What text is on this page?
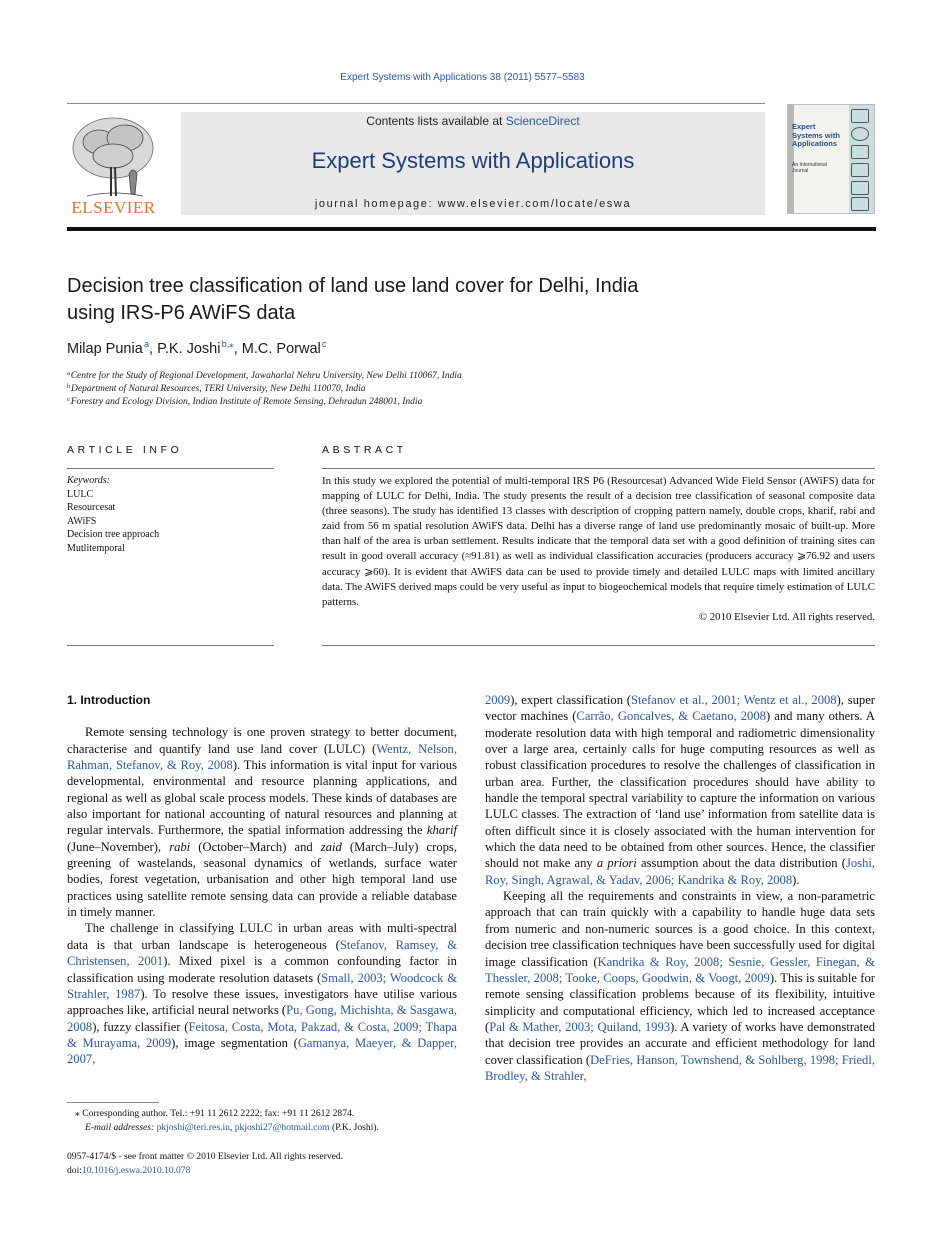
Expert Systems with Applications 38 (2011) 5577–5583
ELSEVIER
Contents lists available at ScienceDirect
Expert Systems with Applications
journal homepage: www.elsevier.com/locate/eswa
Expert Systems with Applications
An International Journal
Decision tree classification of land use land cover for Delhi, India
using IRS-P6 AWiFS data
Milap Punia $^a$, P.K. Joshi $^{b,⁎}$, M.C. Porwal $^c$
$^a$ Centre for the Study of Regional Development, Jawaharlal Nehru University, New Delhi 110067, India
$^b$ Department of Natural Resources, TERI University, New Delhi 110070, India
$^c$ Forestry and Ecology Division, Indian Institute of Remote Sensing, Dehradun 248001, India
ARTICLE INFO	ABSTRACT
Keywords:
LULC
Resourcesat
AWiFS
Decision tree approach
Mutlitemporal
In this study we explored the potential of multi-temporal IRS P6 (Resourcesat) Advanced Wide Field Sensor (AWiFS) data for mapping of LULC for Delhi, India. The study presents the result of a decision tree classification of seasonal composite data (three seasons). The study has identified 13 classes with description of cropping pattern namely, double crops, kharif, rabi and zaid from 56 m spatial resolution AWiFS data. Delhi has a diverse range of land use predominantly mosaic of built-up. More than half of the area is urban settlement. Results indicate that the temporal data set with a good definition of training sites can result in good overall accuracy (≈91.81) as well as individual classification accuracies (producers accuracy ⩾76.92 and users accuracy ⩾60). It is evident that AWiFS data can be used to provide timely and detailed LULC maps with limited ancillary data. The AWiFS derived maps could be very useful as input to biogeochemical models that require timely estimation of LULC patterns.
© 2010 Elsevier Ltd. All rights reserved.

1. Introduction

Remote sensing technology is one proven strategy to better document, characterise and quantify land use land cover (LULC) (Wentz, Nelson, Rahman, Stefanov, & Roy, 2008). This information is vital input for various developmental, environmental and resource planning applications, and regional as well as global scale process models. These kinds of databases are also important for national accounting of natural resources and planning at regular intervals. Furthermore, the spatial information addressing the kharif (June–November), rabi (October–March) and zaid (March–July) crops, greening of wastelands, seasonal dynamics of wetlands, surface water bodies, forest vegetation, urbanisation and other high temporal land use practices using satellite remote sensing data can provide a reliable database in timely manner.

The challenge in classifying LULC in urban areas with multi-spectral data is that urban landscape is heterogeneous (Stefanov, Ramsey, & Christensen, 2001). Mixed pixel is a common confounding factor in classification using moderate resolution datasets (Small, 2003; Woodcock & Strahler, 1987). To resolve these issues, investigators have utilise various approaches like, artificial neural networks (Pu, Gong, Michishta, & Sasgawa, 2008), fuzzy classifier (Feitosa, Costa, Mota, Pakzad, & Costa, 2009; Thapa & Murayama, 2009), image segmentation (Gamanya, Maeyer, & Dapper, 2007,

2009), expert classification (Stefanov et al., 2001; Wentz et al., 2008), super vector machines (Carrão, Goncalves, & Caetano, 2008) and many others. A moderate resolution data with high temporal and radiometric dimensionality over a large area, certainly calls for huge computing resources as well as robust classification procedures to resolve the challenges of classification in urban area. Further, the classification procedures should have ability to handle the temporal spectral variability to capture the information on various LULC classes. The extraction of ‘land use’ information from satellite data is often difficult since it is closely associated with the human intervention for which the data need to be obtained from other sources. Hence, the classifier should not make any a priori assumption about the data distribution (Joshi, Roy, Singh, Agrawal, & Yadav, 2006; Kandrika & Roy, 2008).

Keeping all the requirements and constraints in view, a non-parametric approach that can train quickly with a capability to handle huge data sets from numeric and non-numeric sources is a good choice. In this context, decision tree classification techniques have been successfully used for digital image classification (Kandrika & Roy, 2008; Sesnie, Gessler, Finegan, & Thessler, 2008; Tooke, Coops, Goodwin, & Voogt, 2009). This is suitable for remote sensing classification problems because of its flexibility, intuitive simplicity and computational efficiency, which led to increased acceptance (Pal & Mather, 2003; Quiland, 1993). A variety of works have demonstrated that decision tree provides an accurate and efficient methodology for land cover classification (DeFries, Hanson, Townshend, & Sohlberg, 1998; Friedl, Brodley, & Strahler,

⁎ Corresponding author. Tel.: +91 11 2612 2222; fax: +91 11 2612 2874.
E-mail addresses: pkjoshi@teri.res.in, pkjoshi27@hotmail.com (P.K. Joshi).
0957-4174/$ - see front matter © 2010 Elsevier Ltd. All rights reserved.
doi:10.1016/j.eswa.2010.10.078
